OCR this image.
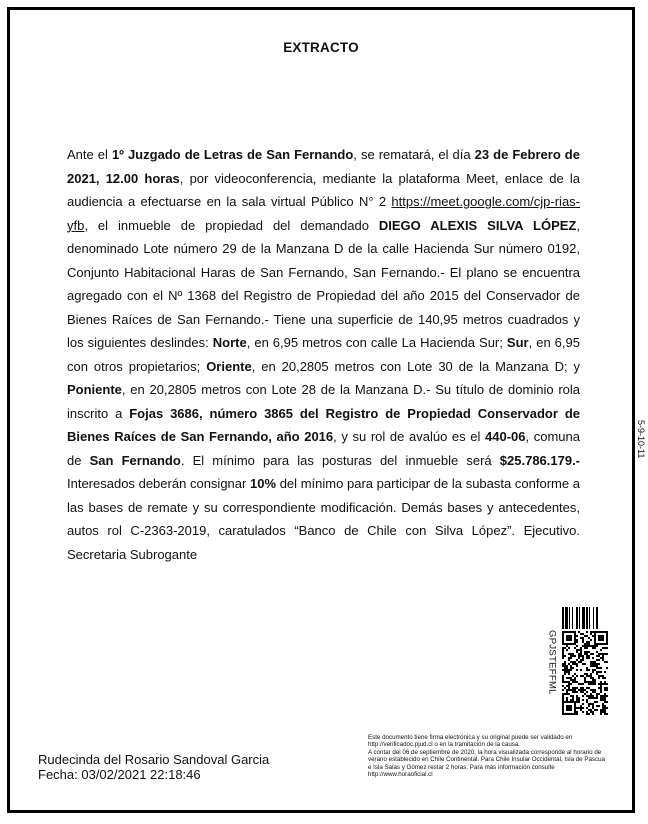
EXTRACTO
Ante el 1º Juzgado de Letras de San Fernando, se rematará, el día 23 de Febrero de 2021, 12.00 horas, por videoconferencia, mediante la plataforma Meet, enlace de la audiencia a efectuarse en la sala virtual Público N° 2 https://meet.google.com/cjp-rias-yfb, el inmueble de propiedad del demandado DIEGO ALEXIS SILVA LÓPEZ, denominado Lote número 29 de la Manzana D de la calle Hacienda Sur número 0192, Conjunto Habitacional Haras de San Fernando, San Fernando.- El plano se encuentra agregado con el Nº 1368 del Registro de Propiedad del año 2015 del Conservador de Bienes Raíces de San Fernando.- Tiene una superficie de 140,95 metros cuadrados y los siguientes deslindes: Norte, en 6,95 metros con calle La Hacienda Sur; Sur, en 6,95 con otros propietarios; Oriente, en 20,2805 metros con Lote 30 de la Manzana D; y Poniente, en 20,2805 metros con Lote 28 de la Manzana D.- Su título de dominio rola inscrito a Fojas 3686, número 3865 del Registro de Propiedad Conservador de Bienes Raíces de San Fernando, año 2016, y su rol de avalúo es el 440-06, comuna de San Fernando. El mínimo para las posturas del inmueble será $25.786.179.- Interesados deberán consignar 10% del mínimo para participar de la subasta conforme a las bases de remate y su correspondiente modificación. Demás bases y antecedentes, autos rol C-2363-2019, caratulados “Banco de Chile con Silva López”. Ejecutivo. Secretaria Subrogante
GPJSTEFFML
Rudecinda del Rosario Sandoval Garcia
Fecha: 03/02/2021 22:18:46
Este documento tiene firma electrónica y su original puede ser validado en http://verificadoc.pjud.cl o en la tramitación de la causa.
A contar del 06 de septiembre de 2020, la hora visualizada corresponde al horario de verano establecido en Chile Continental. Para Chile Insular Occidental, Isla de Pascua e Isla Salas y Gómez restar 2 horas. Para más información consulte http://www.horaoficial.cl
5-9-10-11
